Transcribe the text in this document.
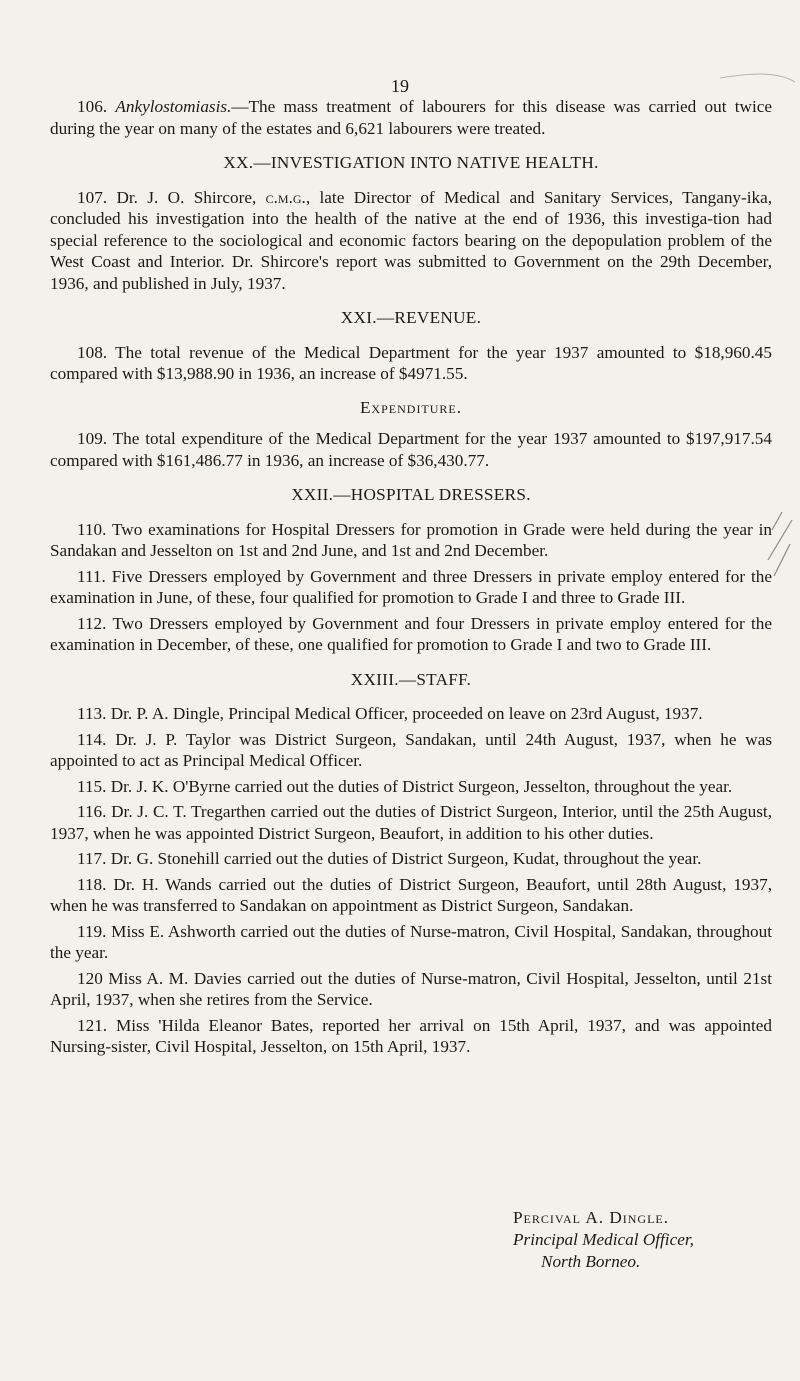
19

106. Ankylostomiasis.—The mass treatment of labourers for this disease was carried out twice during the year on many of the estates and 6,621 labourers were treated.

XX.—INVESTIGATION INTO NATIVE HEALTH.

107. Dr. J. O. Shircore, c.m.g., late Director of Medical and Sanitary Services, Tangany-ika, concluded his investigation into the health of the native at the end of 1936, this investiga-tion had special reference to the sociological and economic factors bearing on the depopulation problem of the West Coast and Interior. Dr. Shircore's report was submitted to Government on the 29th December, 1936, and published in July, 1937.

XXI.—REVENUE.

108. The total revenue of the Medical Department for the year 1937 amounted to $18,960.45 compared with $13,988.90 in 1936, an increase of $4971.55.

Expenditure.

109. The total expenditure of the Medical Department for the year 1937 amounted to $197,917.54 compared with $161,486.77 in 1936, an increase of $36,430.77.

XXII.—HOSPITAL DRESSERS.

110. Two examinations for Hospital Dressers for promotion in Grade were held during the year in Sandakan and Jesselton on 1st and 2nd June, and 1st and 2nd December.

111. Five Dressers employed by Government and three Dressers in private employ entered for the examination in June, of these, four qualified for promotion to Grade I and three to Grade III.

112. Two Dressers employed by Government and four Dressers in private employ entered for the examination in December, of these, one qualified for promotion to Grade I and two to Grade III.

XXIII.—STAFF.

113. Dr. P. A. Dingle, Principal Medical Officer, proceeded on leave on 23rd August, 1937.

114. Dr. J. P. Taylor was District Surgeon, Sandakan, until 24th August, 1937, when he was appointed to act as Principal Medical Officer.

115. Dr. J. K. O'Byrne carried out the duties of District Surgeon, Jesselton, throughout the year.

116. Dr. J. C. T. Tregarthen carried out the duties of District Surgeon, Interior, until the 25th August, 1937, when he was appointed District Surgeon, Beaufort, in addition to his other duties.

117. Dr. G. Stonehill carried out the duties of District Surgeon, Kudat, throughout the year.

118. Dr. H. Wands carried out the duties of District Surgeon, Beaufort, until 28th August, 1937, when he was transferred to Sandakan on appointment as District Surgeon, Sandakan.

119. Miss E. Ashworth carried out the duties of Nurse-matron, Civil Hospital, Sandakan, throughout the year.

120 Miss A. M. Davies carried out the duties of Nurse-matron, Civil Hospital, Jesselton, until 21st April, 1937, when she retires from the Service.

121. Miss 'Hilda Eleanor Bates, reported her arrival on 15th April, 1937, and was appointed Nursing-sister, Civil Hospital, Jesselton, on 15th April, 1937.

Percival A. Dingle.
Principal Medical Officer,
North Borneo.
